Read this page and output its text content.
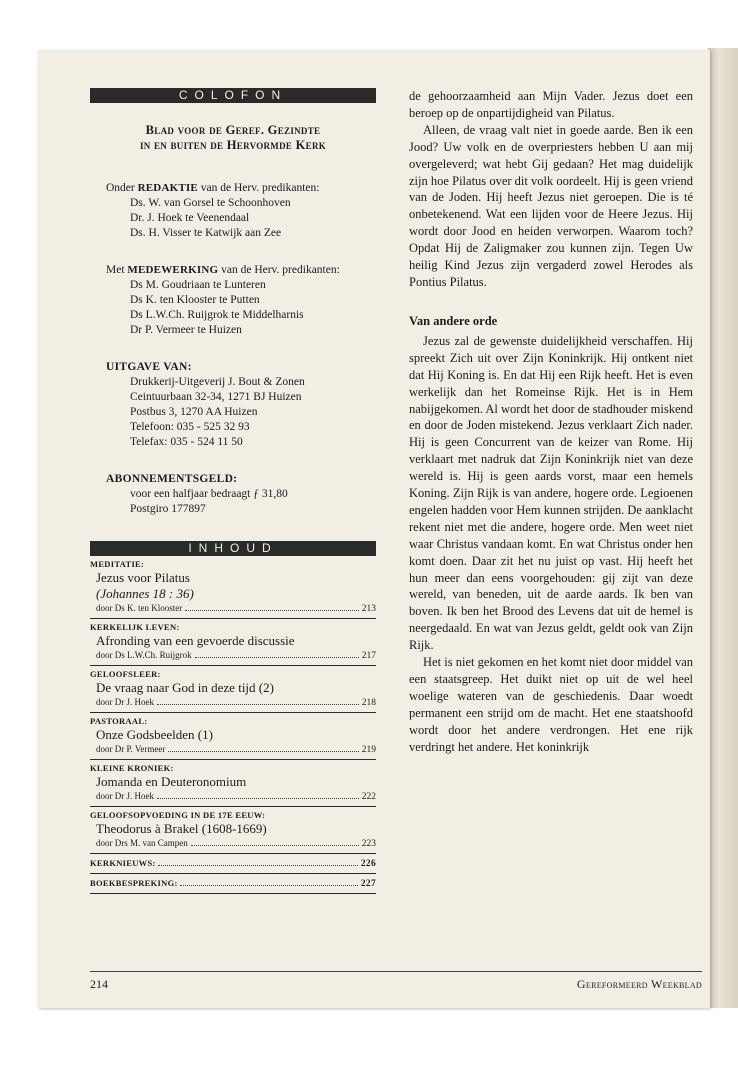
COLOFON
Blad voor de Geref. Gezindte
in en buiten de Hervormde Kerk
Onder REDAKTIE van de Herv. predikanten:
Ds. W. van Gorsel te Schoonhoven
Dr. J. Hoek te Veenendaal
Ds. H. Visser te Katwijk aan Zee
Met MEDEWERKING van de Herv. predikanten:
Ds M. Goudriaan te Lunteren
Ds K. ten Klooster te Putten
Ds L.W.Ch. Ruijgrok te Middelharnis
Dr P. Vermeer te Huizen
UITGAVE VAN:
Drukkerij-Uitgeverij J. Bout & Zonen
Ceintuurbaan 32-34, 1271 BJ Huizen
Postbus 3, 1270 AA Huizen
Telefoon: 035 - 525 32 93
Telefax: 035 - 524 11 50
ABONNEMENTSGELD:
voor een halfjaar bedraagt ƒ 31,80
Postgiro 177897
INHOUD
MEDITATIE:
Jezus voor Pilatus
(Johannes 18 : 36)
door Ds K. ten Klooster	213
KERKELIJK LEVEN:
Afronding van een gevoerde discussie
door Ds L.W.Ch. Ruijgrok	217
GELOOFSLEER:
De vraag naar God in deze tijd (2)
door Dr J. Hoek	218
PASTORAAL:
Onze Godsbeelden (1)
door Dr P. Vermeer	219
KLEINE KRONIEK:
Jomanda en Deuteronomium
door Dr J. Hoek	222
GELOOFSOPVOEDING IN DE 17E EEUW:
Theodorus à Brakel (1608-1669)
door Drs M. van Campen	223
KERKNIEUWS:	226
BOEKBESPREKING:	227

de gehoorzaamheid aan Mijn Vader. Jezus doet een beroep op de onpartijdigheid van Pilatus.

Alleen, de vraag valt niet in goede aarde. Ben ik een Jood? Uw volk en de overpriesters hebben U aan mij overgeleverd; wat hebt Gij gedaan? Het mag duidelijk zijn hoe Pilatus over dit volk oordeelt. Hij is geen vriend van de Joden. Hij heeft Jezus niet geroepen. Die is té onbetekenend. Wat een lijden voor de Heere Jezus. Hij wordt door Jood en heiden verworpen. Waarom toch? Opdat Hij de Zaligmaker zou kunnen zijn. Tegen Uw heilig Kind Jezus zijn vergaderd zowel Herodes als Pontius Pilatus.

Van andere orde

Jezus zal de gewenste duidelijkheid verschaffen. Hij spreekt Zich uit over Zijn Koninkrijk. Hij ontkent niet dat Hij Koning is. En dat Hij een Rijk heeft. Het is even werkelijk dan het Romeinse Rijk. Het is in Hem nabijgekomen. Al wordt het door de stadhouder miskend en door de Joden mistekend. Jezus verklaart Zich nader. Hij is geen Concurrent van de keizer van Rome. Hij verklaart met nadruk dat Zijn Koninkrijk niet van deze wereld is. Hij is geen aards vorst, maar een hemels Koning. Zijn Rijk is van andere, hogere orde. Legioenen engelen hadden voor Hem kunnen strijden. De aanklacht rekent niet met die andere, hogere orde. Men weet niet waar Christus vandaan komt. En wat Christus onder hen komt doen. Daar zit het nu juist op vast. Hij heeft het hun meer dan eens voorgehouden: gij zijt van deze wereld, van beneden, uit de aarde aards. Ik ben van boven. Ik ben het Brood des Levens dat uit de hemel is neergedaald. En wat van Jezus geldt, geldt ook van Zijn Rijk.

Het is niet gekomen en het komt niet door middel van een staatsgreep. Het duikt niet op uit de wel heel woelige wateren van de geschiedenis. Daar woedt permanent een strijd om de macht. Het ene staatshoofd wordt door het andere verdrongen. Het ene rijk verdringt het andere. Het koninkrijk

214	Gereformeerd Weekblad
